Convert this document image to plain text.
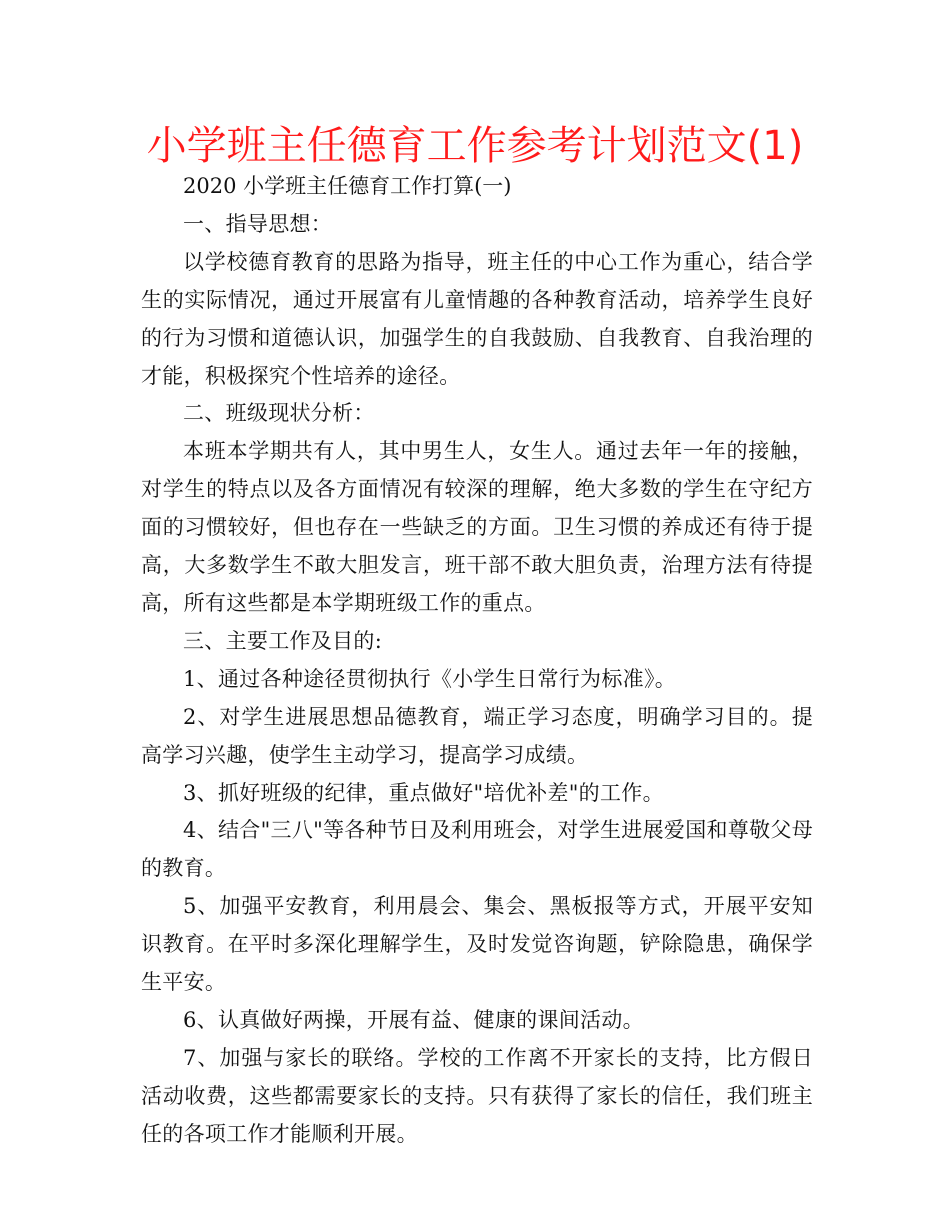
小学班主任德育工作参考计划范文(1)

2020 小学班主任德育工作打算(一)

一、指导思想：

以学校德育教育的思路为指导，班主任的中心工作为重心，结合学生的实际情况，通过开展富有儿童情趣的各种教育活动，培养学生良好的行为习惯和道德认识，加强学生的自我鼓励、自我教育、自我治理的才能，积极探究个性培养的途径。

二、班级现状分析：

本班本学期共有人，其中男生人，女生人。通过去年一年的接触，对学生的特点以及各方面情况有较深的理解，绝大多数的学生在守纪方面的习惯较好，但也存在一些缺乏的方面。卫生习惯的养成还有待于提高，大多数学生不敢大胆发言，班干部不敢大胆负责，治理方法有待提高，所有这些都是本学期班级工作的重点。

三、主要工作及目的:

1、通过各种途径贯彻执行《小学生日常行为标准》。

2、对学生进展思想品德教育，端正学习态度，明确学习目的。提高学习兴趣，使学生主动学习，提高学习成绩。

3、抓好班级的纪律，重点做好"培优补差"的工作。

4、结合"三八"等各种节日及利用班会，对学生进展爱国和尊敬父母的教育。

5、加强平安教育，利用晨会、集会、黑板报等方式，开展平安知识教育。在平时多深化理解学生，及时发觉咨询题，铲除隐患，确保学生平安。

6、认真做好两操，开展有益、健康的课间活动。

7、加强与家长的联络。学校的工作离不开家长的支持，比方假日活动收费，这些都需要家长的支持。只有获得了家长的信任，我们班主任的各项工作才能顺利开展。
